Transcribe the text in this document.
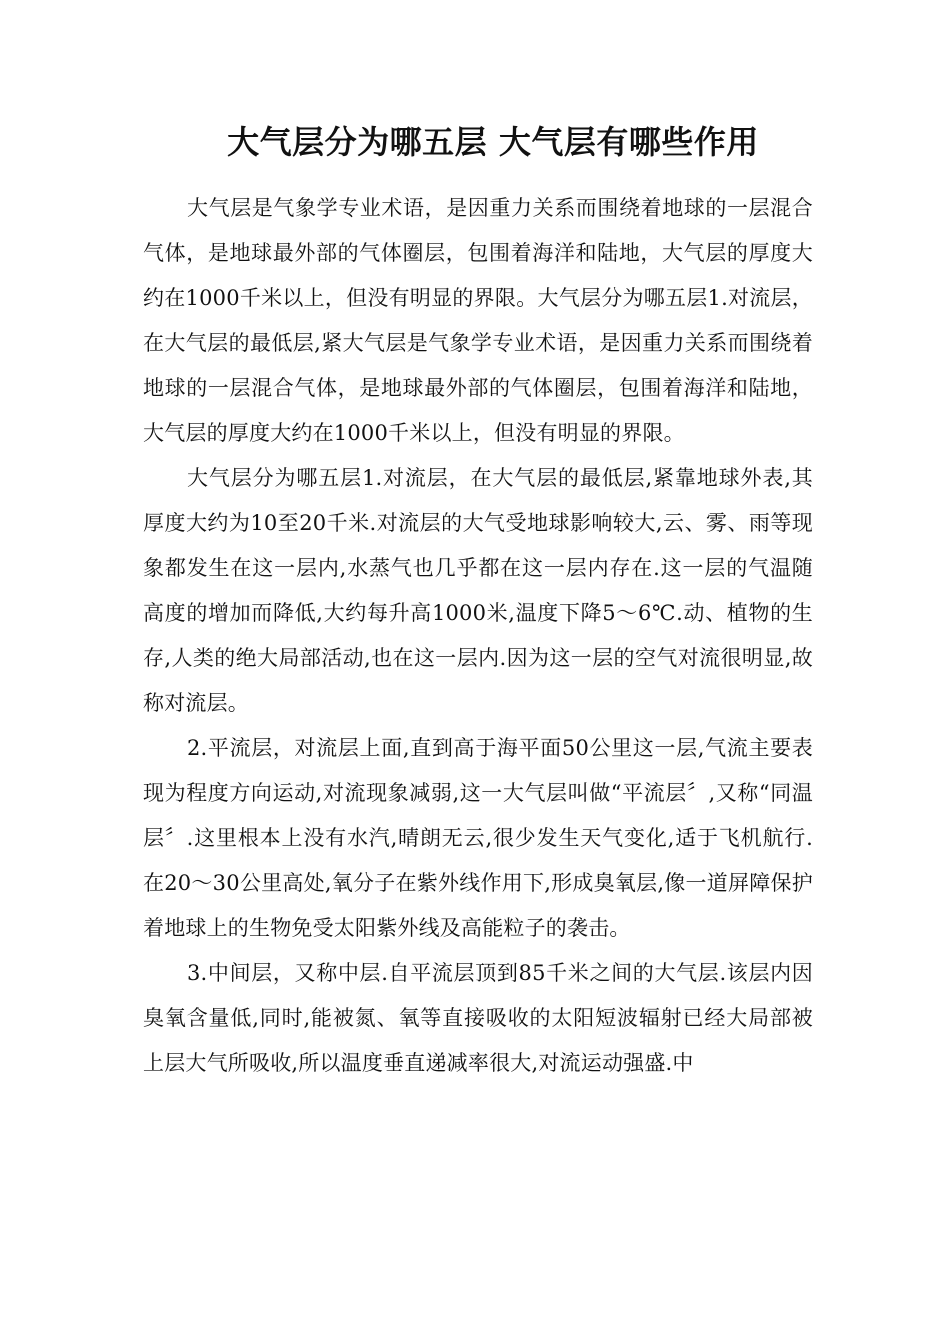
大气层分为哪五层 大气层有哪些作用

大气层是气象学专业术语，是因重力关系而围绕着地球的一层混合气体，是地球最外部的气体圈层，包围着海洋和陆地，大气层的厚度大约在1000千米以上，但没有明显的界限。大气层分为哪五层1.对流层，在大气层的最低层,紧大气层是气象学专业术语，是因重力关系而围绕着地球的一层混合气体，是地球最外部的气体圈层，包围着海洋和陆地，大气层的厚度大约在1000千米以上，但没有明显的界限。

大气层分为哪五层1.对流层，在大气层的最低层,紧靠地球外表,其厚度大约为10至20千米.对流层的大气受地球影响较大,云、雾、雨等现象都发生在这一层内,水蒸气也几乎都在这一层内存在.这一层的气温随高度的增加而降低,大约每升高1000米,温度下降5～6℃.动、植物的生存,人类的绝大局部活动,也在这一层内.因为这一层的空气对流很明显,故称对流层。

2.平流层，对流层上面,直到高于海平面50公里这一层,气流主要表现为程度方向运动,对流现象减弱,这一大气层叫做“平流层〞,又称“同温层〞.这里根本上没有水汽,晴朗无云,很少发生天气变化,适于飞机航行.在20～30公里高处,氧分子在紫外线作用下,形成臭氧层,像一道屏障保护着地球上的生物免受太阳紫外线及高能粒子的袭击。

3.中间层，又称中层.自平流层顶到85千米之间的大气层.该层内因臭氧含量低,同时,能被氮、氧等直接吸收的太阳短波辐射已经大局部被上层大气所吸收,所以温度垂直递减率很大,对流运动强盛.中
